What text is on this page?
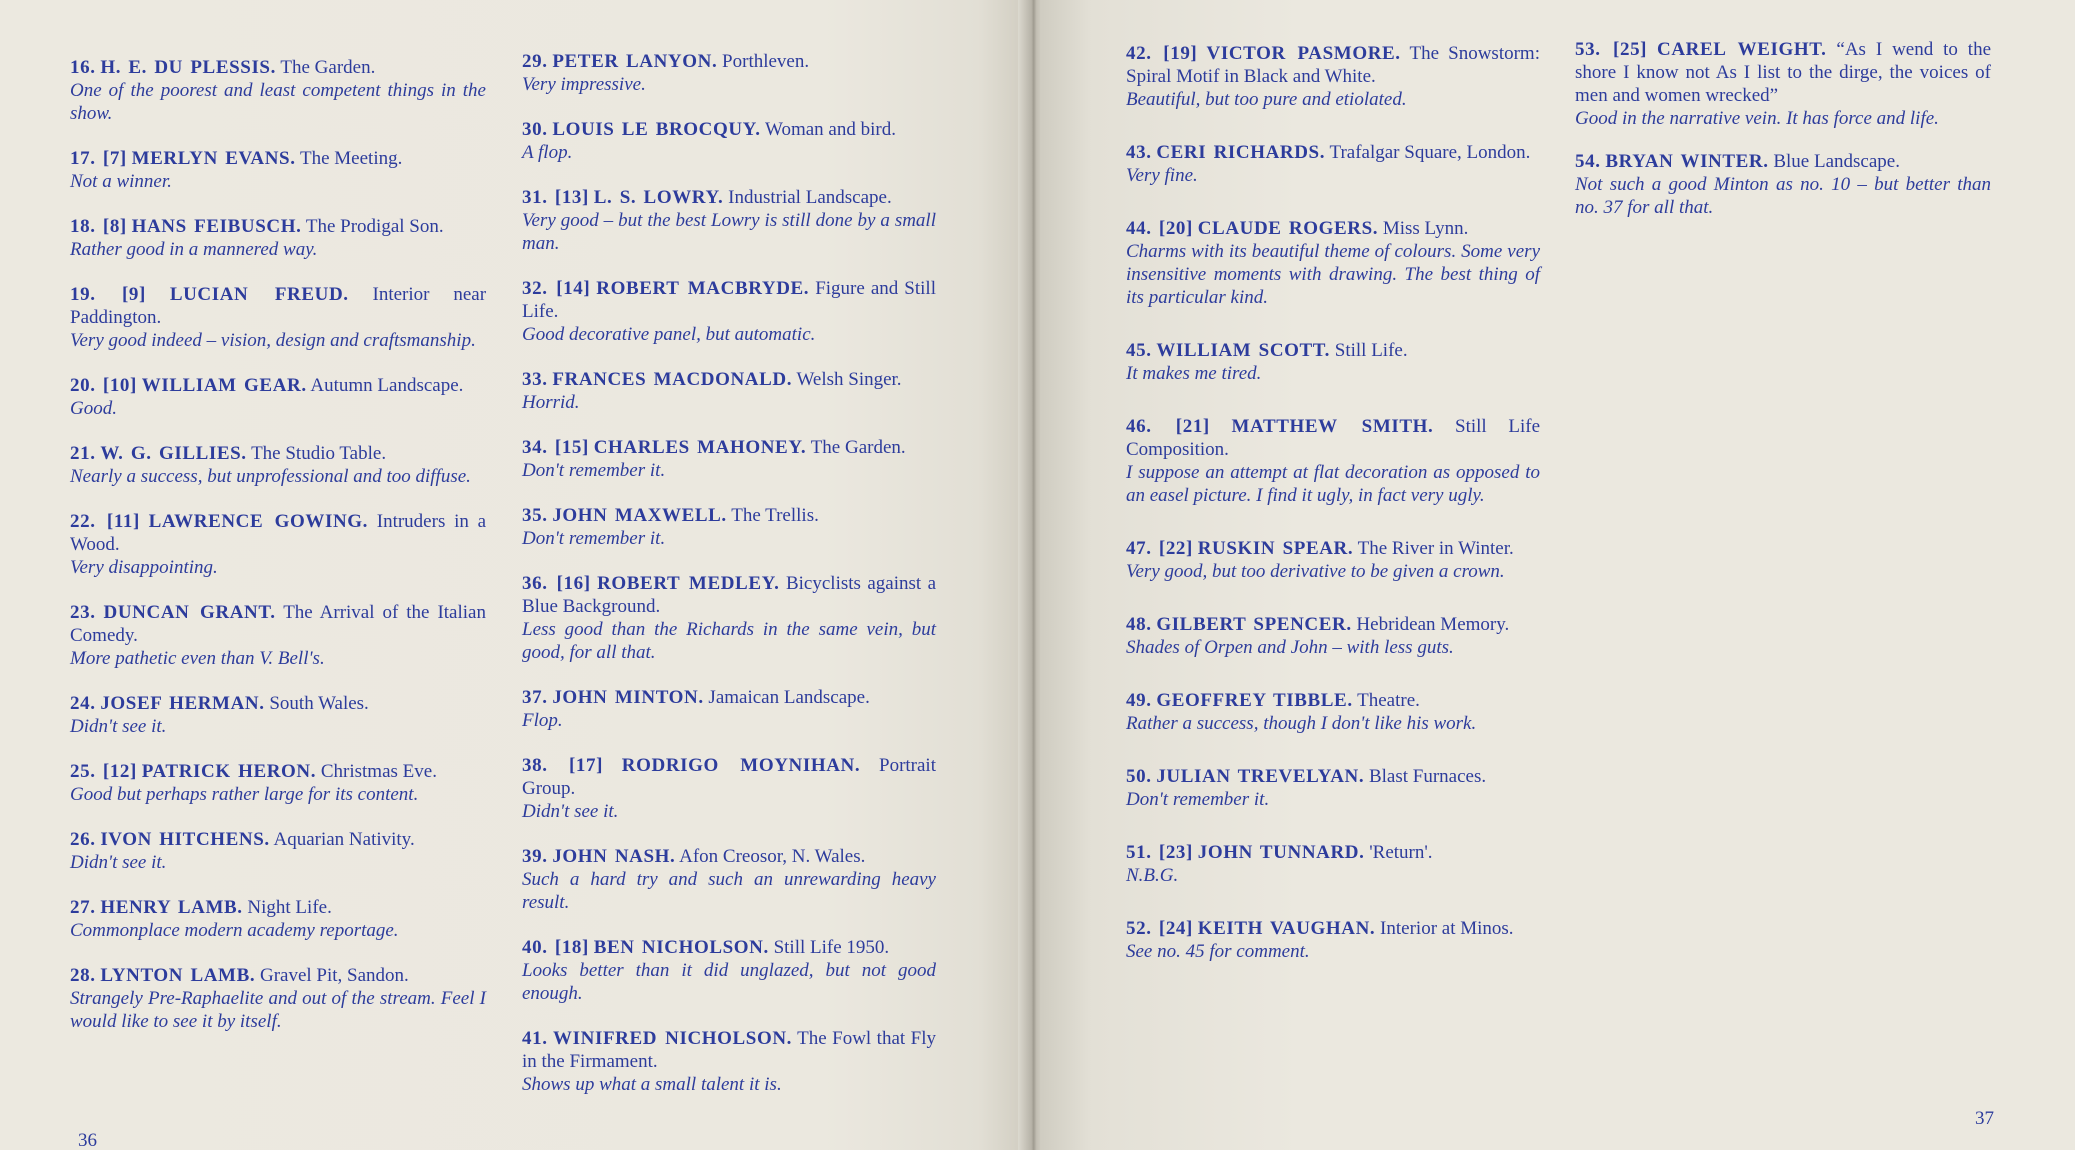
16. H. E. DU PLESSIS. The Garden.

One of the poorest and least competent things in the show.

17. [7] MERLYN EVANS. The Meeting.

Not a winner.

18. [8] HANS FEIBUSCH. The Prodigal Son.

Rather good in a mannered way.

19. [9] LUCIAN FREUD. Interior near Paddington.

Very good indeed – vision, design and craftsmanship.

20. [10] WILLIAM GEAR. Autumn Landscape.

Good.

21. W. G. GILLIES. The Studio Table.

Nearly a success, but unprofessional and too diffuse.

22. [11] LAWRENCE GOWING. Intruders in a Wood.

Very disappointing.

23. DUNCAN GRANT. The Arrival of the Italian Comedy.

More pathetic even than V. Bell's.

24. JOSEF HERMAN. South Wales.

Didn't see it.

25. [12] PATRICK HERON. Christmas Eve.

Good but perhaps rather large for its content.

26. IVON HITCHENS. Aquarian Nativity.

Didn't see it.

27. HENRY LAMB. Night Life.

Commonplace modern academy reportage.

28. LYNTON LAMB. Gravel Pit, Sandon.

Strangely Pre-Raphaelite and out of the stream. Feel I would like to see it by itself.

29. PETER LANYON. Porthleven.

Very impressive.

30. LOUIS LE BROCQUY. Woman and bird.

A flop.

31. [13] L. S. LOWRY. Industrial Landscape.

Very good – but the best Lowry is still done by a small man.

32. [14] ROBERT MACBRYDE. Figure and Still Life.

Good decorative panel, but automatic.

33. FRANCES MACDONALD. Welsh Singer.

Horrid.

34. [15] CHARLES MAHONEY. The Garden.

Don't remember it.

35. JOHN MAXWELL. The Trellis.

Don't remember it.

36. [16] ROBERT MEDLEY. Bicyclists against a Blue Background.

Less good than the Richards in the same vein, but good, for all that.

37. JOHN MINTON. Jamaican Landscape.

Flop.

38. [17] RODRIGO MOYNIHAN. Portrait Group.

Didn't see it.

39. JOHN NASH. Afon Creosor, N. Wales.

Such a hard try and such an unrewarding heavy result.

40. [18] BEN NICHOLSON. Still Life 1950.

Looks better than it did unglazed, but not good enough.

41. WINIFRED NICHOLSON. The Fowl that Fly in the Firmament.

Shows up what a small talent it is.

36

42. [19] VICTOR PASMORE. The Snowstorm: Spiral Motif in Black and White.

Beautiful, but too pure and etiolated.

43. CERI RICHARDS. Trafalgar Square, London.

Very fine.

44. [20] CLAUDE ROGERS. Miss Lynn.

Charms with its beautiful theme of colours. Some very insensitive moments with drawing. The best thing of its particular kind.

45. WILLIAM SCOTT. Still Life.

It makes me tired.

46. [21] MATTHEW SMITH. Still Life Composition.

I suppose an attempt at flat decoration as opposed to an easel picture. I find it ugly, in fact very ugly.

47. [22] RUSKIN SPEAR. The River in Winter.

Very good, but too derivative to be given a crown.

48. GILBERT SPENCER. Hebridean Memory.

Shades of Orpen and John – with less guts.

49. GEOFFREY TIBBLE. Theatre.

Rather a success, though I don't like his work.

50. JULIAN TREVELYAN. Blast Furnaces.

Don't remember it.

51. [23] JOHN TUNNARD. 'Return'.

N.B.G.

52. [24] KEITH VAUGHAN. Interior at Minos.

See no. 45 for comment.

53. [25] CAREL WEIGHT. “As I wend to the shore I know not As I list to the dirge, the voices of men and women wrecked”

Good in the narrative vein. It has force and life.

54. BRYAN WINTER. Blue Landscape.

Not such a good Minton as no. 10 – but better than no. 37 for all that.

37
